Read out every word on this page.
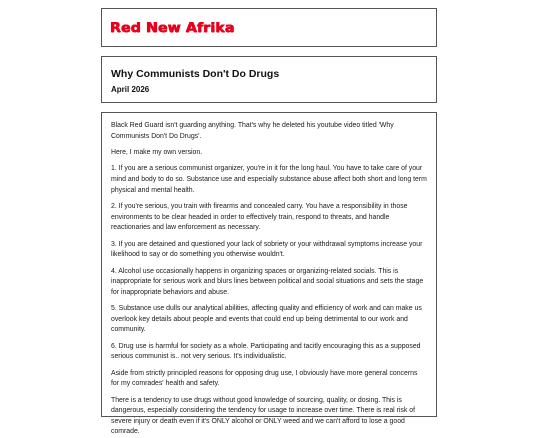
Red New Afrika
Why Communists Don't Do Drugs
April 2026

Black Red Guard isn't guarding anything. That's why he deleted his youtube video titled 'Why Communists Don't Do Drugs'.

Here, I make my own version.

1. If you are a serious communist organizer, you're in it for the long haul. You have to take care of your mind and body to do so. Substance use and especially substance abuse affect both short and long term physical and mental health.

2. If you're serious, you train with firearms and concealed carry. You have a responsibility in those environments to be clear headed in order to effectively train, respond to threats, and handle reactionaries and law enforcement as necessary.

3. If you are detained and questioned your lack of sobriety or your withdrawal symptoms increase your likelihood to say or do something you otherwise wouldn't.

4. Alcohol use occasionally happens in organizing spaces or organizing-related socials. This is inappropriate for serious work and blurs lines between political and social situations and sets the stage for inappropriate behaviors and abuse.

5. Substance use dulls our analytical abilities, affecting quality and efficiency of work and can make us overlook key details about people and events that could end up being detrimental to our work and community.

6. Drug use is harmful for society as a whole. Participating and tacitly encouraging this as a supposed serious communist is.. not very serious. It's individualistic.

Aside from strictly principled reasons for opposing drug use, I obviously have more general concerns for my comrades' health and safety.

There is a tendency to use drugs without good knowledge of sourcing, quality, or dosing. This is dangerous, especially considering the tendency for usage to increase over time. There is real risk of severe injury or death even if it's ONLY alcohol or ONLY weed and we can't afford to lose a good comrade.
